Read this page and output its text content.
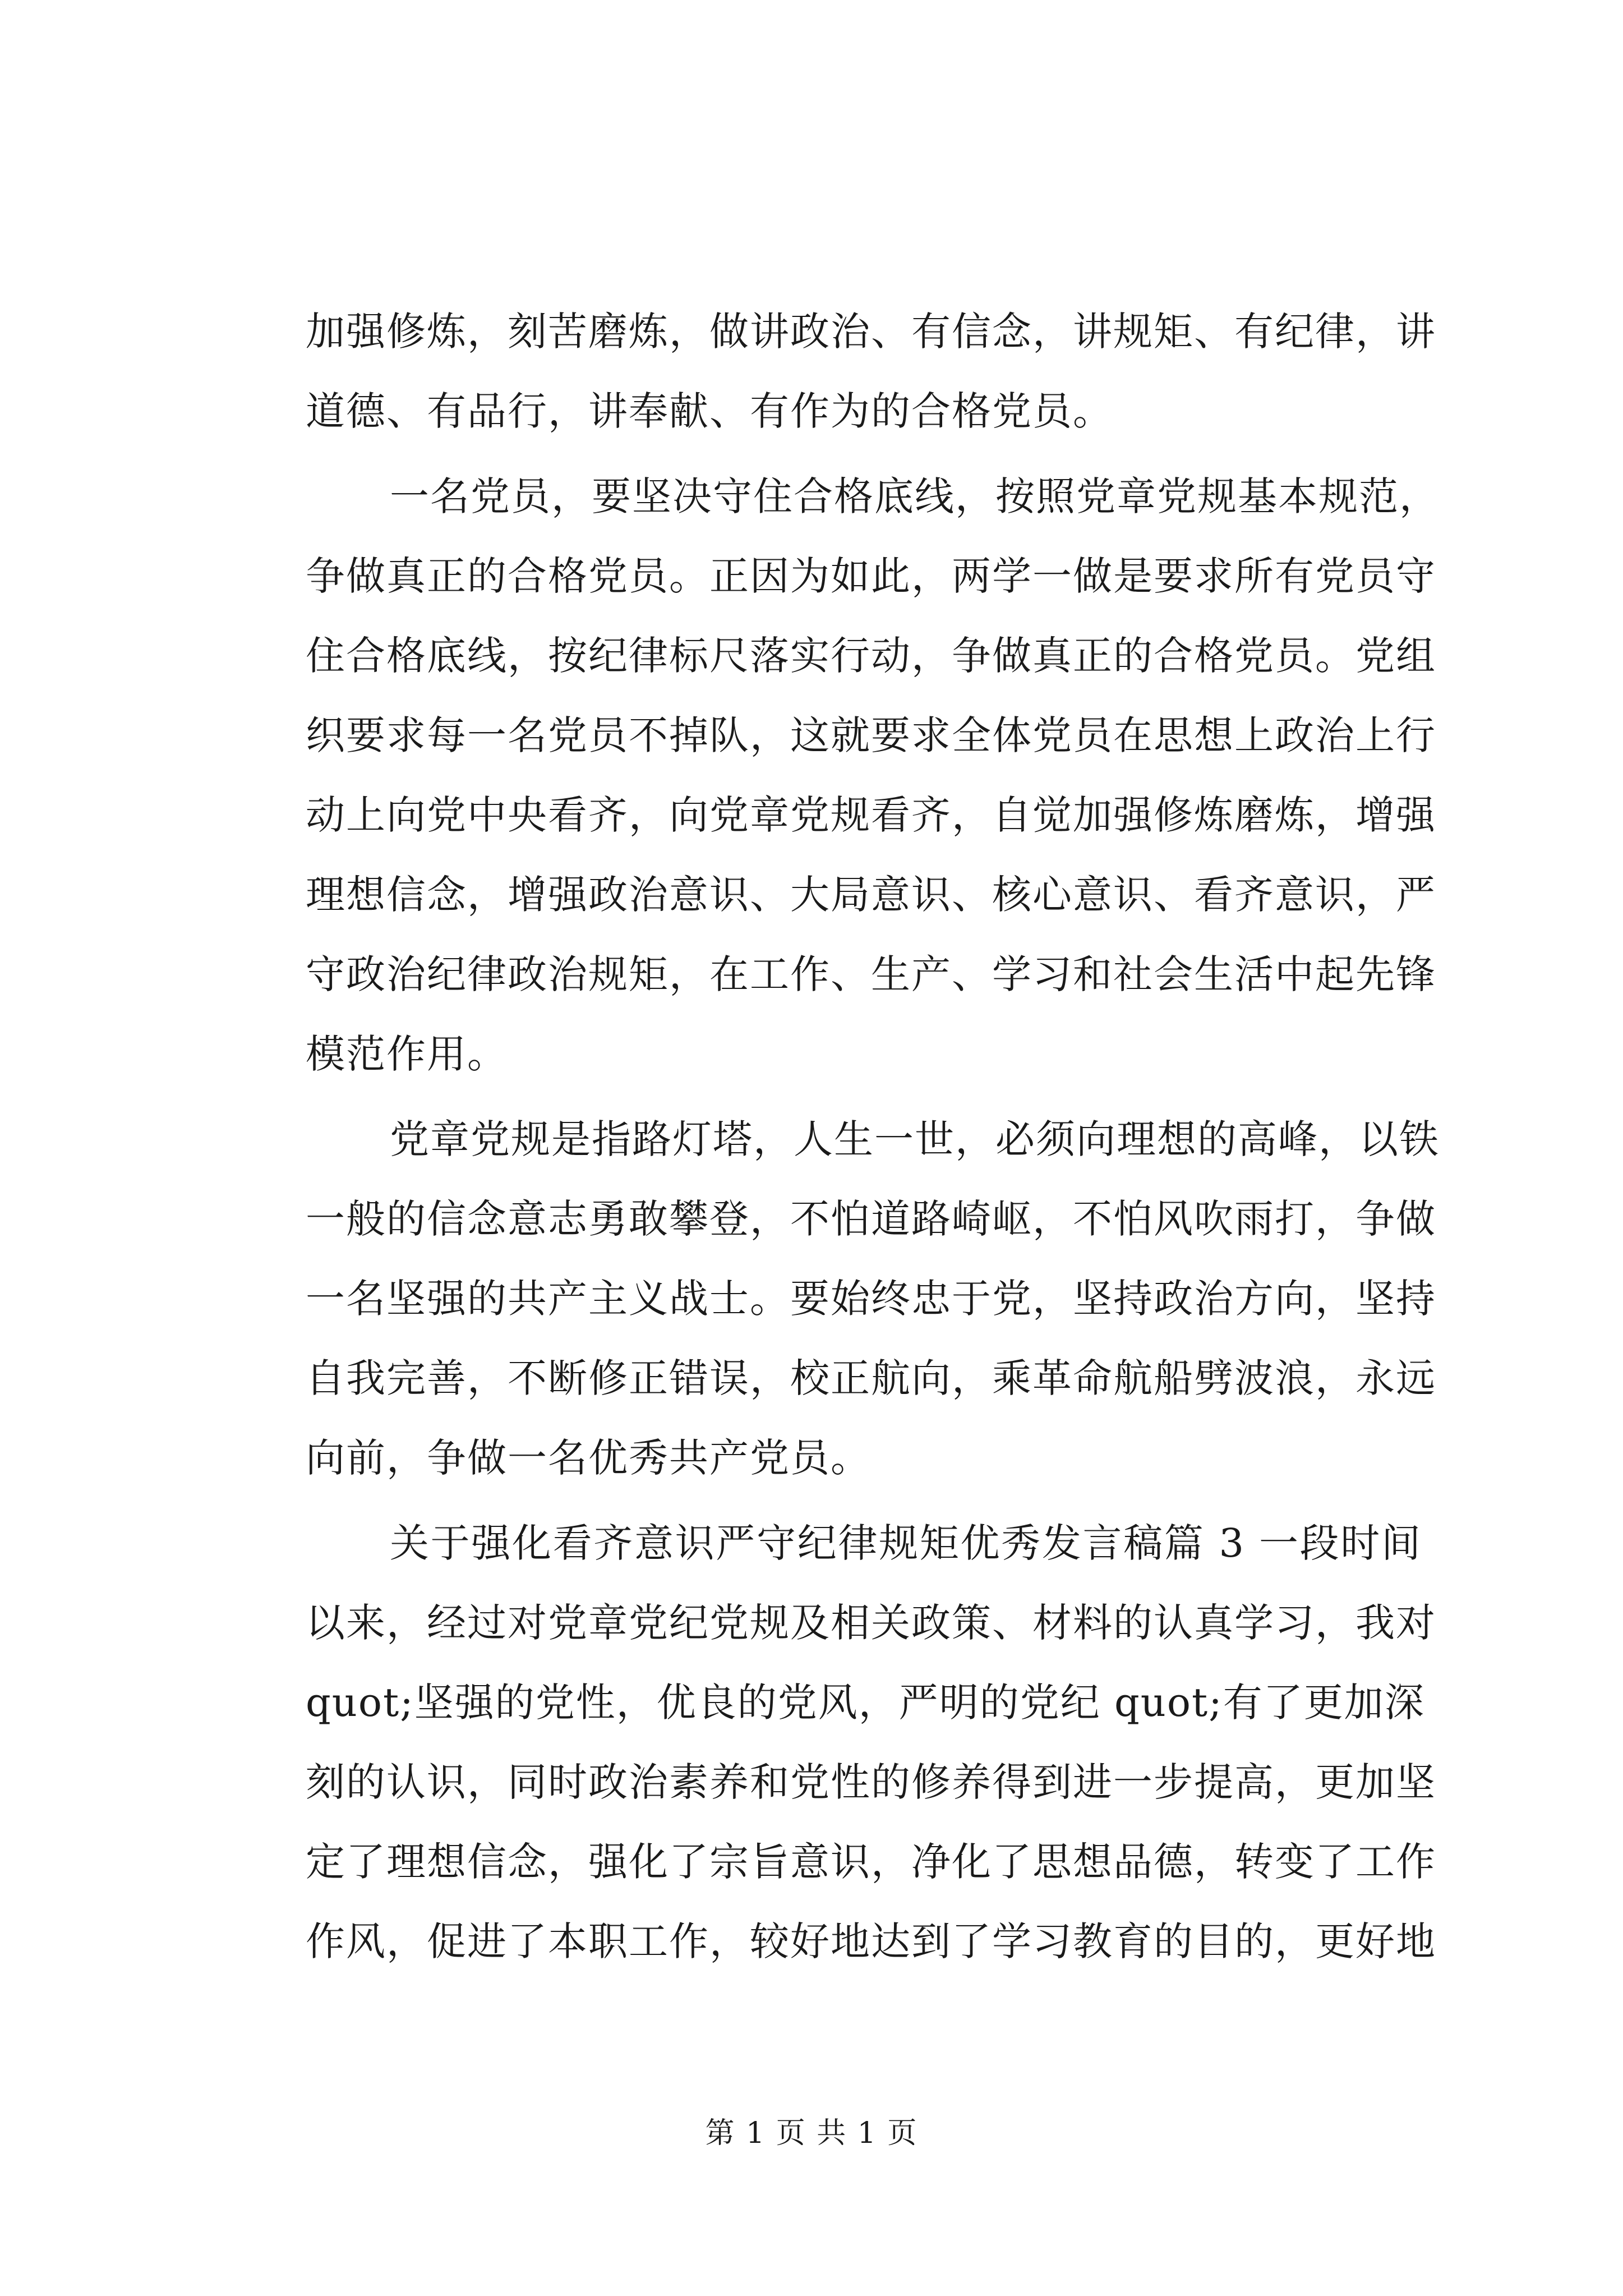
加强修炼，刻苦磨炼，做讲政治、有信念，讲规矩、有纪律，讲
道德、有品行，讲奉献、有作为的合格党员。
一名党员，要坚决守住合格底线，按照党章党规基本规范，
争做真正的合格党员。正因为如此，两学一做是要求所有党员守
住合格底线，按纪律标尺落实行动，争做真正的合格党员。党组
织要求每一名党员不掉队，这就要求全体党员在思想上政治上行
动上向党中央看齐，向党章党规看齐，自觉加强修炼磨炼，增强
理想信念，增强政治意识、大局意识、核心意识、看齐意识，严
守政治纪律政治规矩，在工作、生产、学习和社会生活中起先锋
模范作用。
党章党规是指路灯塔，人生一世，必须向理想的高峰，以铁
一般的信念意志勇敢攀登，不怕道路崎岖，不怕风吹雨打，争做
一名坚强的共产主义战士。要始终忠于党，坚持政治方向，坚持
自我完善，不断修正错误，校正航向，乘革命航船劈波浪，永远
向前，争做一名优秀共产党员。
关于强化看齐意识严守纪律规矩优秀发言稿篇 3 一段时间
以来，经过对党章党纪党规及相关政策、材料的认真学习，我对
quot;坚强的党性，优良的党风，严明的党纪 quot;有了更加深
刻的认识，同时政治素养和党性的修养得到进一步提高，更加坚
定了理想信念，强化了宗旨意识，净化了思想品德，转变了工作
作风，促进了本职工作，较好地达到了学习教育的目的，更好地
第 1 页 共 1 页
